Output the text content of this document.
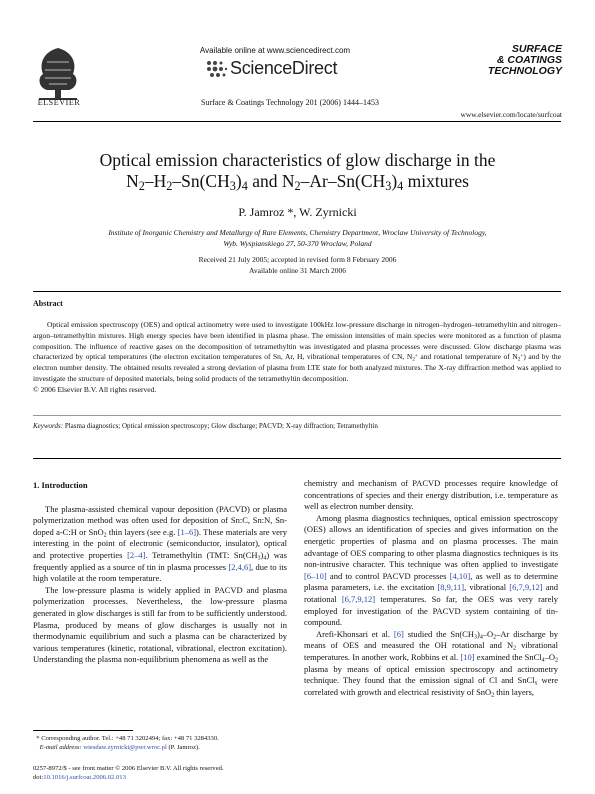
ELSEVIER
Available online at www.sciencedirect.com
ScienceDirect
Surface & Coatings Technology 201 (2006) 1444–1453
SURFACE
& COATINGS
TECHNOLOGY
www.elsevier.com/locate/surfcoat
Optical emission characteristics of glow discharge in the
$N_2-H_2-Sn(CH_3)_4$ and $N_2-Ar-Sn(CH_3)_4$ mixtures
P. Jamroz *, W. Zyrnicki
Institute of Inorganic Chemistry and Metallurgy of Rare Elements, Chemistry Department, Wroclaw University of Technology,
Wyb. Wyspianskiego 27, 50-370 Wroclaw, Poland
Received 21 July 2005; accepted in revised form 8 February 2006
Available online 31 March 2006
Abstract

Optical emission spectroscopy (OES) and optical actinometry were used to investigate 100kHz low-pressure discharge in nitrogen–hydrogen–tetramethyltin and nitrogen–argon–tetramethyltin mixtures. High energy species have been identified in plasma phase. The emission intensities of main species were monitored as a function of plasma composition. The influence of reactive gases on the decomposition of tetramethyltin was investigated and plasma processes were discussed. Glow discharge plasma was characterized by optical temperatures (the electron excitation temperatures of Sn, Ar, H, vibrational temperatures of CN, $N_2^+$ and rotational temperature of $N_2^+$) and by the electron number density. The obtained results revealed a strong deviation of plasma from LTE state for both analyzed mixtures. The X-ray diffraction method was applied to investigate the structure of deposited materials, being solid products of the tetramethyltin decomposition.

© 2006 Elsevier B.V. All rights reserved.
Keywords: Plasma diagnostics; Optical emission spectroscopy; Glow discharge; PACVD; X-ray diffraction; Tetramethyltin
1. Introduction

The plasma-assisted chemical vapour deposition (PACVD) or plasma polymerization method was often used for deposition of Sn:C, Sn:N, Sn-doped a-C:H or SnO$_2$ thin layers (see e.g. [1–6]). These materials are very interesting in the point of electronic (semiconductor, insulator), optical and protective properties [2–4]. Tetramethyltin (TMT: $Sn(CH_3)_4$) was frequently applied as a source of tin in plasma processes [2,4,6], due to its high volatile at the room temperature.

The low-pressure plasma is widely applied in PACVD and plasma polymerization processes. Nevertheless, the low-pressure plasma generated in glow discharges is still far from to be sufficiently understood. Plasma, produced by means of glow discharges is usually not in thermodynamic equilibrium and such a plasma can be characterized by various temperatures (kinetic, rotational, vibrational, electron excitation). Understanding the plasma non-equilibrium phenomena as well as the

chemistry and mechanism of PACVD processes require knowledge of concentrations of species and their energy distribution, i.e. temperature as well as electron number density.

Among plasma diagnostics techniques, optical emission spectroscopy (OES) allows an identification of species and gives information on the energetic properties of plasma and on plasma processes. The main advantage of OES comparing to other plasma diagnostics techniques is its non-intrusive character. This technique was often applied to investigate [6–10] and to control PACVD processes [4,10], as well as to determine plasma parameters, i.e. the excitation [8,9,11], vibrational [6,7,9,12] and rotational [6,7,9,12] temperatures. So far, the OES was very rarely employed for investigation of the PACVD system containing of tin-compound.

Arefi-Khonsari et al. [6] studied the $Sn(CH_3)_4-O_2-Ar$ discharge by means of OES and measured the OH rotational and $N_2$ vibrational temperatures. In another work, Robbins et al. [10] examined the $SnCl_4-O_2$ plasma by means of optical emission spectroscopy and actinometry technique. They found that the emission signal of Cl and SnCl$_x$ were correlated with growth and electrical resistivity of SnO$_2$ thin layers,

* Corresponding author. Tel.: +48 71 3202494; fax: +48 71 3284330.
E-mail address: wiesdaw.zyrnicki@pwr.wroc.pl (P. Jamroz).
0257-8972/$ - see front matter © 2006 Elsevier B.V. All rights reserved.
doi:10.1016/j.surfcoat.2006.02.013
